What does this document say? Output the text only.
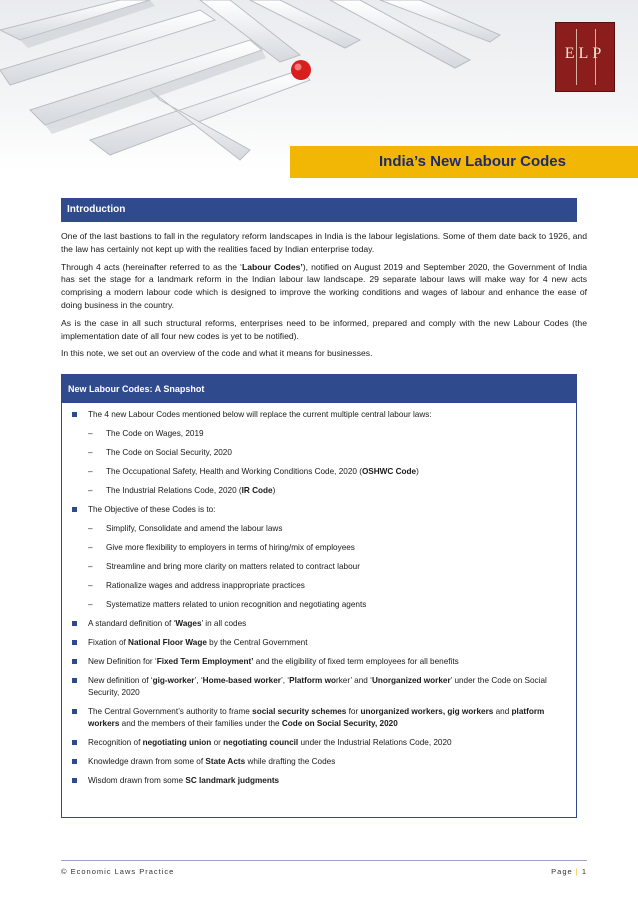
ELP
India’s New Labour Codes
Introduction

One of the last bastions to fall in the regulatory reform landscapes in India is the labour legislations. Some of them date back to 1926, and the law has certainly not kept up with the realities faced by Indian enterprise today.

Through 4 acts (hereinafter referred to as the ‘Labour Codes’), notified on August 2019 and September 2020, the Government of India has set the stage for a landmark reform in the Indian labour law landscape. 29 separate labour laws will make way for 4 new acts comprising a modern labour code which is designed to improve the working conditions and wages of labour and enhance the ease of doing business in the country.

As is the case in all such structural reforms, enterprises need to be informed, prepared and comply with the new Labour Codes (the implementation date of all four new codes is yet to be notified).

In this note, we set out an overview of the code and what it means for businesses.

New Labour Codes: A Snapshot
The 4 new Labour Codes mentioned below will replace the current multiple central labour laws:
– The Code on Wages, 2019
– The Code on Social Security, 2020
– The Occupational Safety, Health and Working Conditions Code, 2020 (OSHWC Code)
– The Industrial Relations Code, 2020 (IR Code)
The Objective of these Codes is to:
– Simplify, Consolidate and amend the labour laws
– Give more flexibility to employers in terms of hiring/mix of employees
– Streamline and bring more clarity on matters related to contract labour
– Rationalize wages and address inappropriate practices
– Systematize matters related to union recognition and negotiating agents
A standard definition of ‘Wages’ in all codes
Fixation of National Floor Wage by the Central Government
New Definition for ‘Fixed Term Employment’ and the eligibility of fixed term employees for all benefits
New definition of ‘gig-worker’, ‘Home-based worker’, ‘Platform worker’ and ‘Unorganized worker’ under the Code on Social Security, 2020
The Central Government’s authority to frame social security schemes for unorganized workers, gig workers and platform workers and the members of their families under the Code on Social Security, 2020
Recognition of negotiating union or negotiating council under the Industrial Relations Code, 2020
Knowledge drawn from some of State Acts while drafting the Codes
Wisdom drawn from some SC landmark judgments
© Economic Laws Practice	Page | 1
